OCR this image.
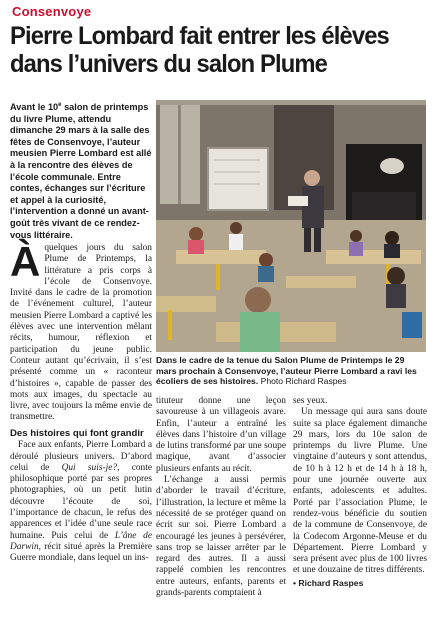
Consenvoye
Pierre Lombard fait entrer les élèves dans l’univers du salon Plume
Avant le 10e salon de printemps du livre Plume, attendu dimanche 29 mars à la salle des fêtes de Consenvoye, l’auteur meusien Pierre Lombard est allé à la rencontre des élèves de l’école communale. Entre contes, échanges sur l’écriture et appel à la curiosité, l’intervention a donné un avant-goût très vivant de ce rendez-vous littéraire.

À quelques jours du salon Plume de Printemps, la littérature a pris corps à l’école de Consenvoye. Invité dans le cadre de la promotion de l’événement culturel, l’auteur meusien Pierre Lombard a captivé les élèves avec une intervention mêlant récits, humour, réflexion et participation du jeune public. Conteur autant qu’écrivain, il s’est présenté comme un « raconteur d’histoires », capable de passer des mots aux images, du spectacle au livre, avec toujours la même envie de transmettre.

Des histoires qui font grandir

Face aux enfants, Pierre Lombard a déroulé plusieurs univers. D’abord celui de Qui suis-je?, conte philosophique porté par ses propres photographies, où un petit lutin découvre l’écoute de soi, l’importance de chacun, le refus des apparences et l’idée d’une seule race humaine. Puis celui de L’âne de Darwin, récit situé après la Première Guerre mondiale, dans lequel un ins-

Dans le cadre de la tenue du Salon Plume de Printemps le 29 mars prochain à Consenvoye, l’auteur Pierre Lombard a ravi les écoliers de ses histoires. Photo Richard Raspes

tituteur donne une leçon savoureuse à un villageois avare. Enfin, l’auteur a entraîné les élèves dans l’histoire d’un village de lutins transformé par une soupe magique, avant d’associer plusieurs enfants au récit.

L’échange a aussi permis d’aborder le travail d’écriture, l’illustration, la lecture et même la nécessité de se protéger quand on écrit sur soi. Pierre Lombard a encouragé les jeunes à persévérer, sans trop se laisser arrêter par le regard des autres. Il a aussi rappelé combien les rencontres entre auteurs, enfants, parents et grands-parents comptaient à

ses yeux.

Un message qui aura sans doute suite sa place également dimanche 29 mars, lors du 10e salon de printemps du livre Plume. Une vingtaine d’auteurs y sont attendus, de 10 h à 12 h et de 14 h à 18 h, pour une journée ouverte aux enfants, adolescents et adultes. Porté par l’association Plume, le rendez-vous bénéficie du soutien de la commune de Consenvoye, de la Codecom Argonne-Meuse et du Département. Pierre Lombard y sera présent avec plus de 100 livres et une douzaine de titres différents.

• Richard Raspes
